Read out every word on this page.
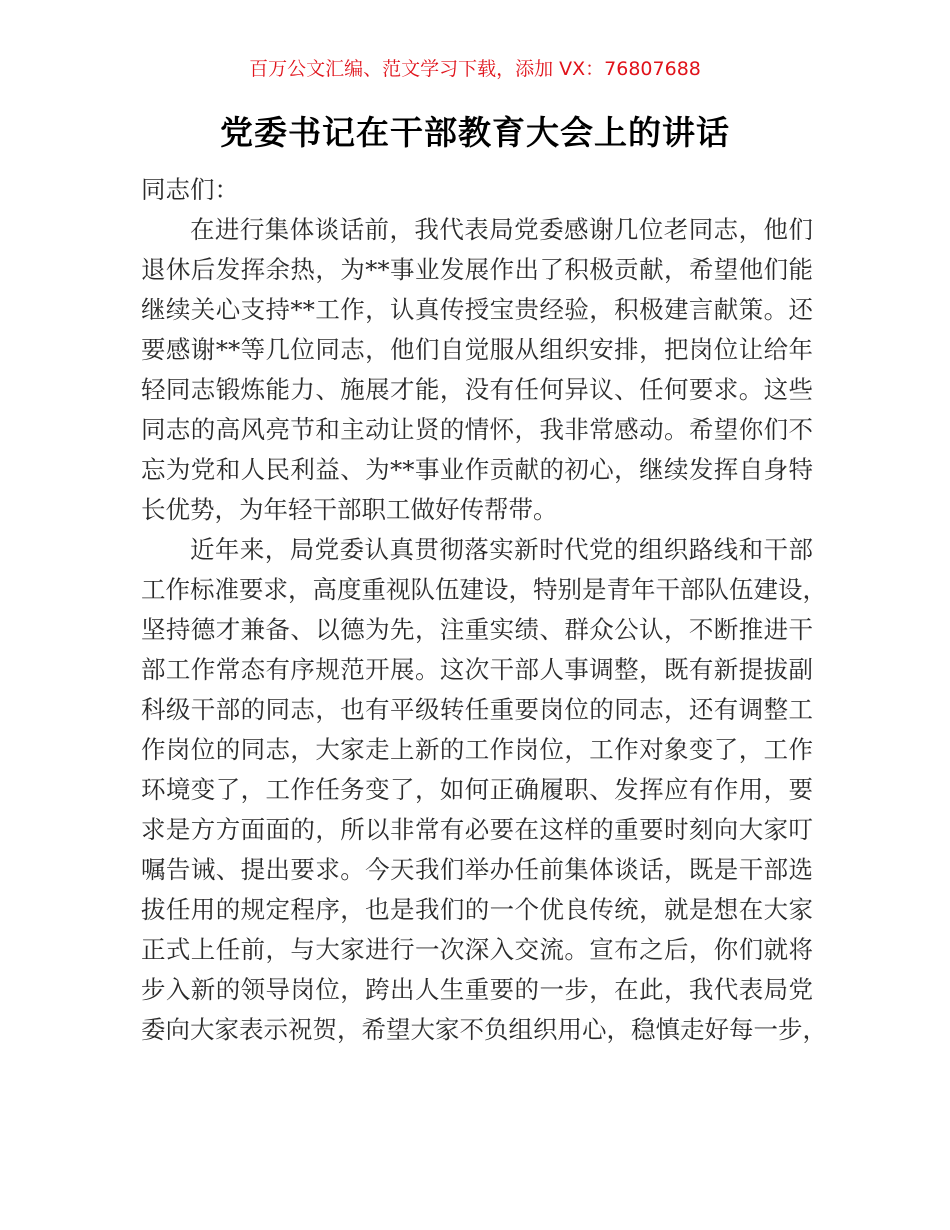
百万公文汇编、范文学习下载，添加 VX：76807688
党委书记在干部教育大会上的讲话

同志们：

在进行集体谈话前，我代表局党委感谢几位老同志，他们
退休后发挥余热，为**事业发展作出了积极贡献，希望他们能
继续关心支持**工作，认真传授宝贵经验，积极建言献策。还
要感谢**等几位同志，他们自觉服从组织安排，把岗位让给年
轻同志锻炼能力、施展才能，没有任何异议、任何要求。这些
同志的高风亮节和主动让贤的情怀，我非常感动。希望你们不
忘为党和人民利益、为**事业作贡献的初心，继续发挥自身特
长优势，为年轻干部职工做好传帮带。

近年来，局党委认真贯彻落实新时代党的组织路线和干部
工作标准要求，高度重视队伍建设，特别是青年干部队伍建设，
坚持德才兼备、以德为先，注重实绩、群众公认，不断推进干
部工作常态有序规范开展。这次干部人事调整，既有新提拔副
科级干部的同志，也有平级转任重要岗位的同志，还有调整工
作岗位的同志，大家走上新的工作岗位，工作对象变了，工作
环境变了，工作任务变了，如何正确履职、发挥应有作用，要
求是方方面面的，所以非常有必要在这样的重要时刻向大家叮
嘱告诫、提出要求。今天我们举办任前集体谈话，既是干部选
拔任用的规定程序，也是我们的一个优良传统，就是想在大家
正式上任前，与大家进行一次深入交流。宣布之后，你们就将
步入新的领导岗位，跨出人生重要的一步，在此，我代表局党
委向大家表示祝贺，希望大家不负组织用心，稳慎走好每一步，
